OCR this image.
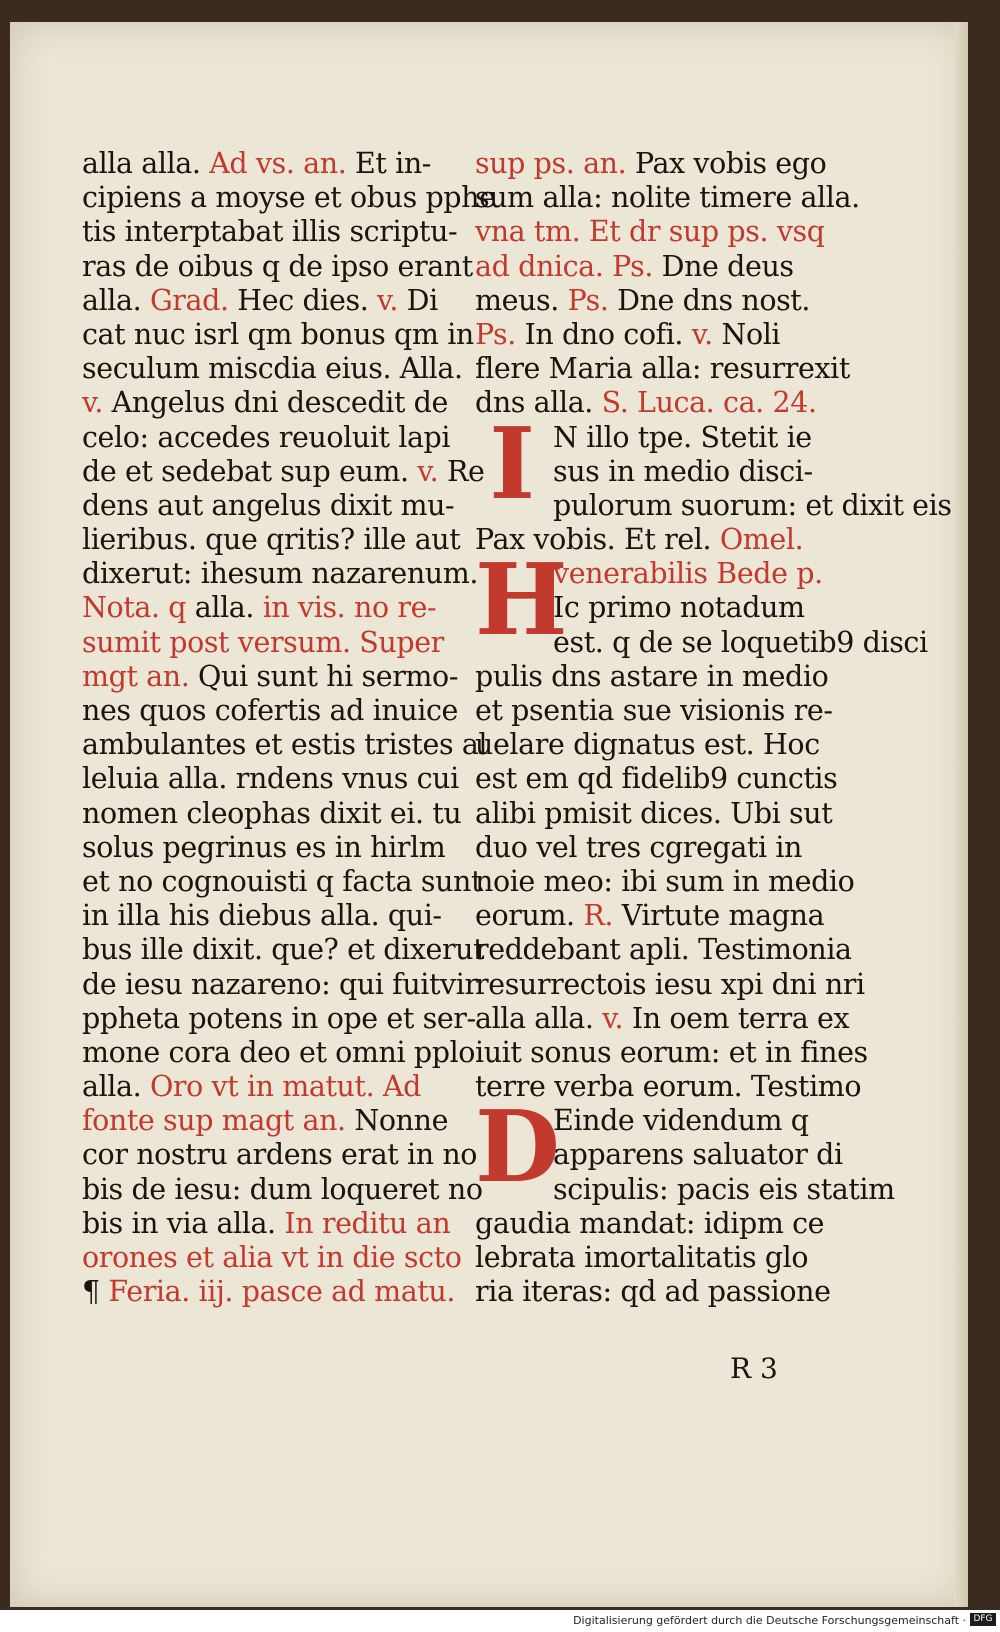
alla alla. Ad vs. an. Et in-
cipiens a moyse et obus pphe
tis interptabat illis scriptu-
ras de oibus q de ipso erant
alla. Grad. Hec dies. v. Di
cat nuc isrl qm bonus qm in
seculum miscdia eius. Alla.
v. Angelus dni descedit de
celo: accedes reuoluit lapi
de et sedebat sup eum. v. Re
dens aut angelus dixit mu-
lieribus. que qritis? ille aut
dixerut: ihesum nazarenum.
Nota. q alla. in vis. no re-
sumit post versum. Super
mgt an. Qui sunt hi sermo-
nes quos cofertis ad inuice
ambulantes et estis tristes al
leluia alla. rndens vnus cui
nomen cleophas dixit ei. tu
solus pegrinus es in hirlm
et no cognouisti q facta sunt
in illa his diebus alla. qui-
bus ille dixit. que? et dixerut
de iesu nazareno: qui fuitvir
ppheta potens in ope et ser-
mone cora deo et omni pplo
alla. Oro vt in matut. Ad
fonte sup magt an. Nonne
cor nostru ardens erat in no
bis de iesu: dum loqueret no
bis in via alla. In reditu an
orones et alia vt in die scto
¶ Feria. iij. pasce ad matu.
sup ps. an. Pax vobis ego
sum alla: nolite timere alla.
vna tm. Et dr sup ps. vsq
ad dnica. Ps. Dne deus
meus. Ps. Dne dns nost.
Ps. In dno cofi. v. Noli
flere Maria alla: resurrexit
dns alla. S. Luca. ca. 24.
I N illo tpe. Stetit ie
sus in medio disci-
pulorum suorum: et dixit eis
Pax vobis. Et rel. Omel.
H
venerabilis Bede p.
Ic primo notadum
est. q de se loquetib9 disci
pulis dns astare in medio
et psentia sue visionis re-
uelare dignatus est. Hoc
est em qd fidelib9 cunctis
alibi pmisit dices. Ubi sut
duo vel tres cgregati in
noie meo: ibi sum in medio
eorum. R. Virtute magna
reddebant apli. Testimonia
resurrectois iesu xpi dni nri
alla alla. v. In oem terra ex
iuit sonus eorum: et in fines
terre verba eorum. Testimo
D
Einde videndum q
apparens saluator di
scipulis: pacis eis statim
gaudia mandat: idipm ce
lebrata imortalitatis glo
ria iteras: qd ad passione
R 3
Digitalisierung gefördert durch die Deutsche Forschungsgemeinschaft · DFG
